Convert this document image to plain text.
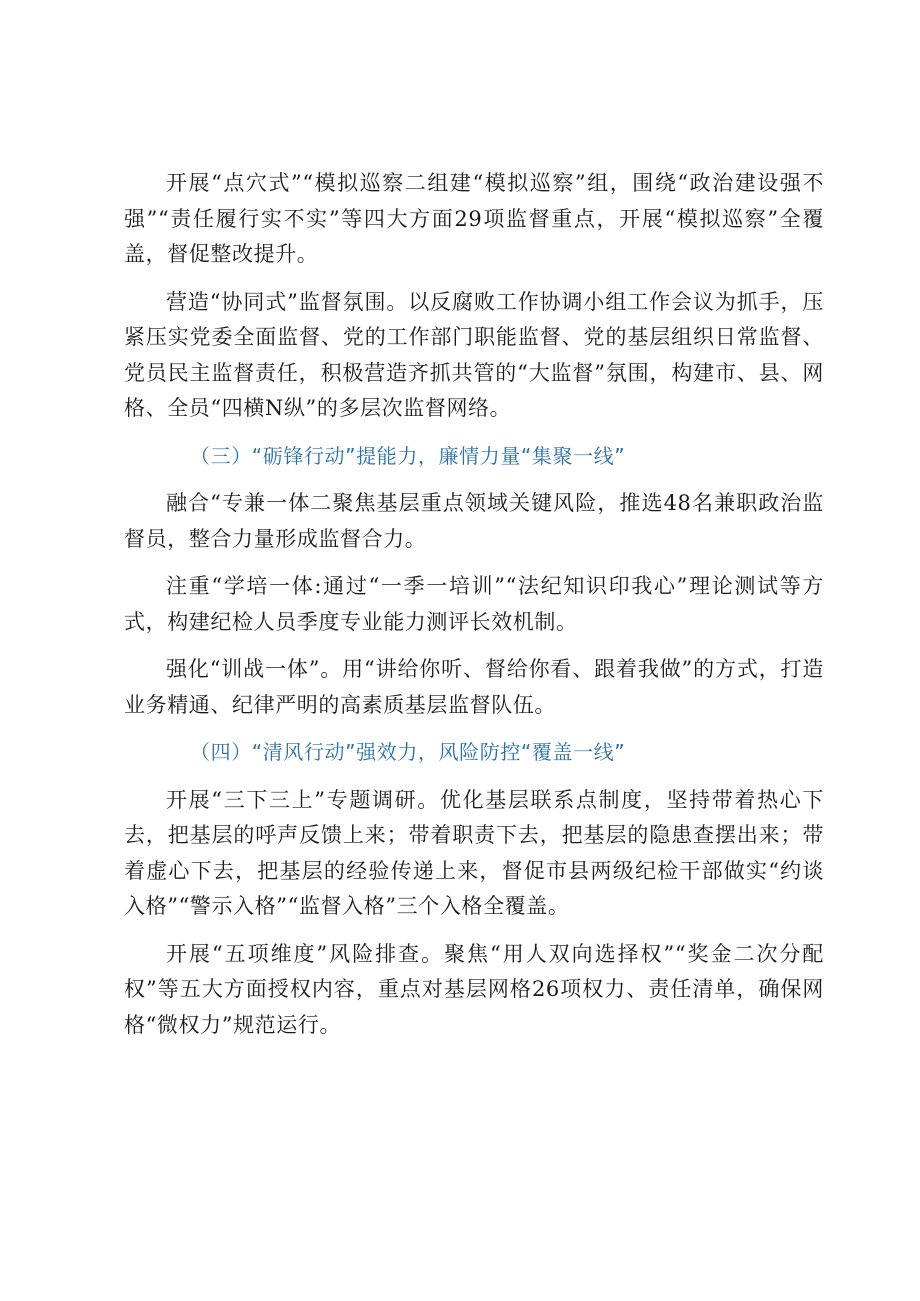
开展“点穴式”“模拟巡察二组建“模拟巡察”组，围绕“政治建设强不强”“责任履行实不实”等四大方面29项监督重点，开展“模拟巡察”全覆盖，督促整改提升。

营造“协同式”监督氛围。以反腐败工作协调小组工作会议为抓手，压紧压实党委全面监督、党的工作部门职能监督、党的基层组织日常监督、党员民主监督责任，积极营造齐抓共管的“大监督”氛围，构建市、县、网格、全员“四横N纵”的多层次监督网络。

（三）“砺锋行动”提能力，廉情力量“集聚一线”

融合“专兼一体二聚焦基层重点领域关键风险，推选48名兼职政治监督员，整合力量形成监督合力。

注重“学培一体:通过“一季一培训”“法纪知识印我心”理论测试等方式，构建纪检人员季度专业能力测评长效机制。

强化“训战一体”。用“讲给你听、督给你看、跟着我做”的方式，打造业务精通、纪律严明的高素质基层监督队伍。

（四）“清风行动”强效力，风险防控“覆盖一线”

开展“三下三上”专题调研。优化基层联系点制度，坚持带着热心下去，把基层的呼声反馈上来；带着职责下去，把基层的隐患查摆出来；带着虚心下去，把基层的经验传递上来，督促市县两级纪检干部做实“约谈入格”“警示入格”“监督入格”三个入格全覆盖。

开展“五项维度”风险排查。聚焦“用人双向选择权”“奖金二次分配权”等五大方面授权内容，重点对基层网格26项权力、责任清单，确保网格“微权力”规范运行。
